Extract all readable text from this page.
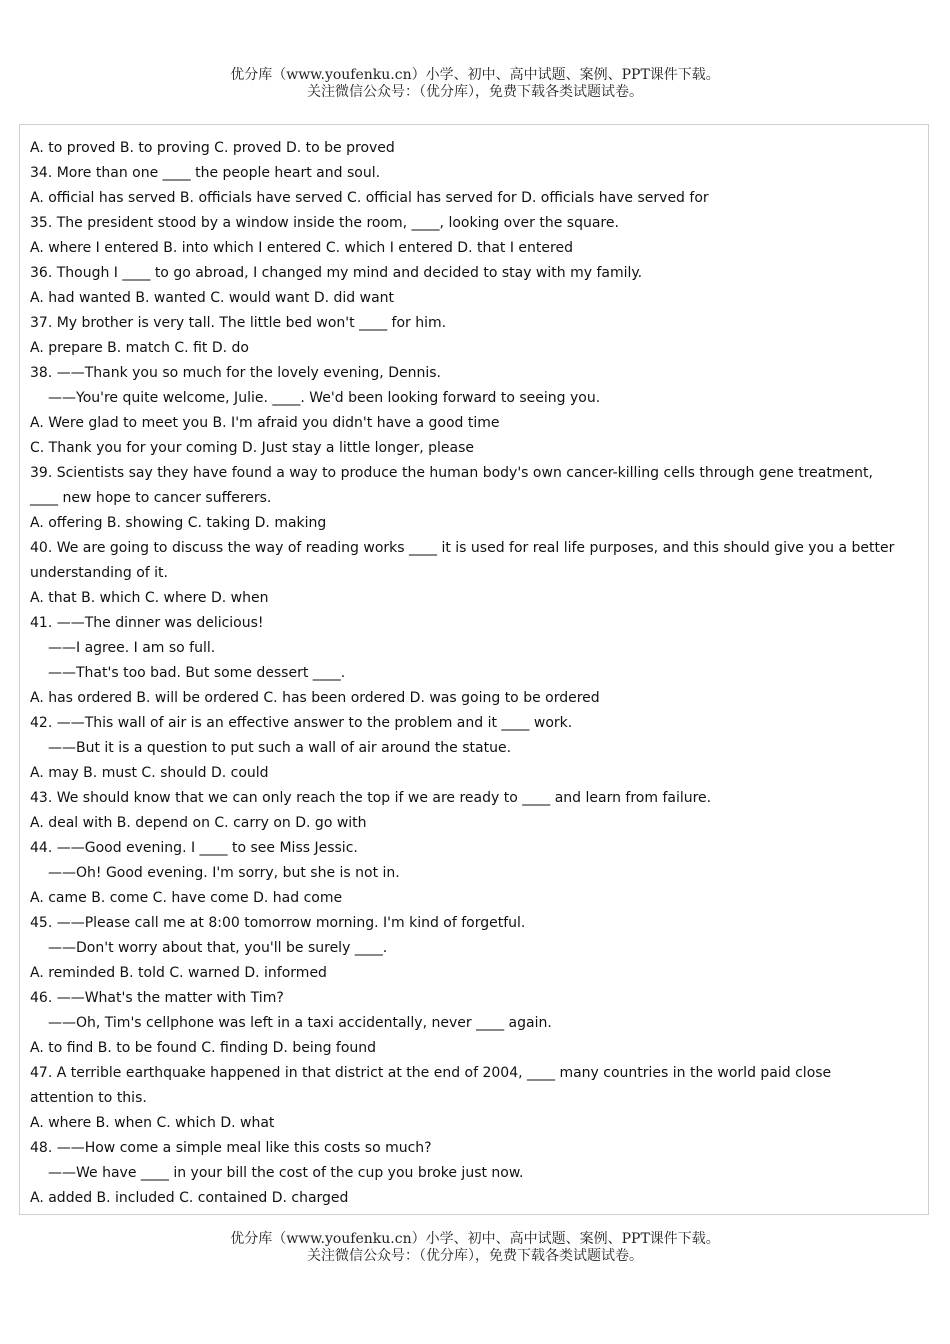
优分库（www.youfenku.cn）小学、初中、高中试题、案例、PPT课件下载。
关注微信公众号：（优分库），免费下载各类试题试卷。
A. to proved B. to proving C. proved D. to be proved
34. More than one ____ the people heart and soul.
A. official has served B. officials have served C. official has served for D. officials have served for
35. The president stood by a window inside the room, ____, looking over the square.
A. where I entered B. into which I entered C. which I entered D. that I entered
36. Though I ____ to go abroad, I changed my mind and decided to stay with my family.
A. had wanted B. wanted C. would want D. did want
37. My brother is very tall. The little bed won't ____ for him.
A. prepare B. match C. fit D. do
38. ——Thank you so much for the lovely evening, Dennis.
——You're quite welcome, Julie. ____. We'd been looking forward to seeing you.
A. Were glad to meet you B. I'm afraid you didn't have a good time
C. Thank you for your coming D. Just stay a little longer, please
39. Scientists say they have found a way to produce the human body's own cancer-killing cells through gene treatment,
____ new hope to cancer sufferers.
A. offering B. showing C. taking D. making
40. We are going to discuss the way of reading works ____ it is used for real life purposes, and this should give you a better
understanding of it.
A. that B. which C. where D. when
41. ——The dinner was delicious!
——I agree. I am so full.
——That's too bad. But some dessert ____.
A. has ordered B. will be ordered C. has been ordered D. was going to be ordered
42. ——This wall of air is an effective answer to the problem and it ____ work.
——But it is a question to put such a wall of air around the statue.
A. may B. must C. should D. could
43. We should know that we can only reach the top if we are ready to ____ and learn from failure.
A. deal with B. depend on C. carry on D. go with
44. ——Good evening. I ____ to see Miss Jessic.
——Oh! Good evening. I'm sorry, but she is not in.
A. came B. come C. have come D. had come
45. ——Please call me at 8:00 tomorrow morning. I'm kind of forgetful.
——Don't worry about that, you'll be surely ____.
A. reminded B. told C. warned D. informed
46. ——What's the matter with Tim?
——Oh, Tim's cellphone was left in a taxi accidentally, never ____ again.
A. to find B. to be found C. finding D. being found
47. A terrible earthquake happened in that district at the end of 2004, ____ many countries in the world paid close
attention to this.
A. where B. when C. which D. what
48. ——How come a simple meal like this costs so much?
——We have ____ in your bill the cost of the cup you broke just now.
A. added B. included C. contained D. charged
优分库（www.youfenku.cn）小学、初中、高中试题、案例、PPT课件下载。
关注微信公众号：（优分库），免费下载各类试题试卷。
